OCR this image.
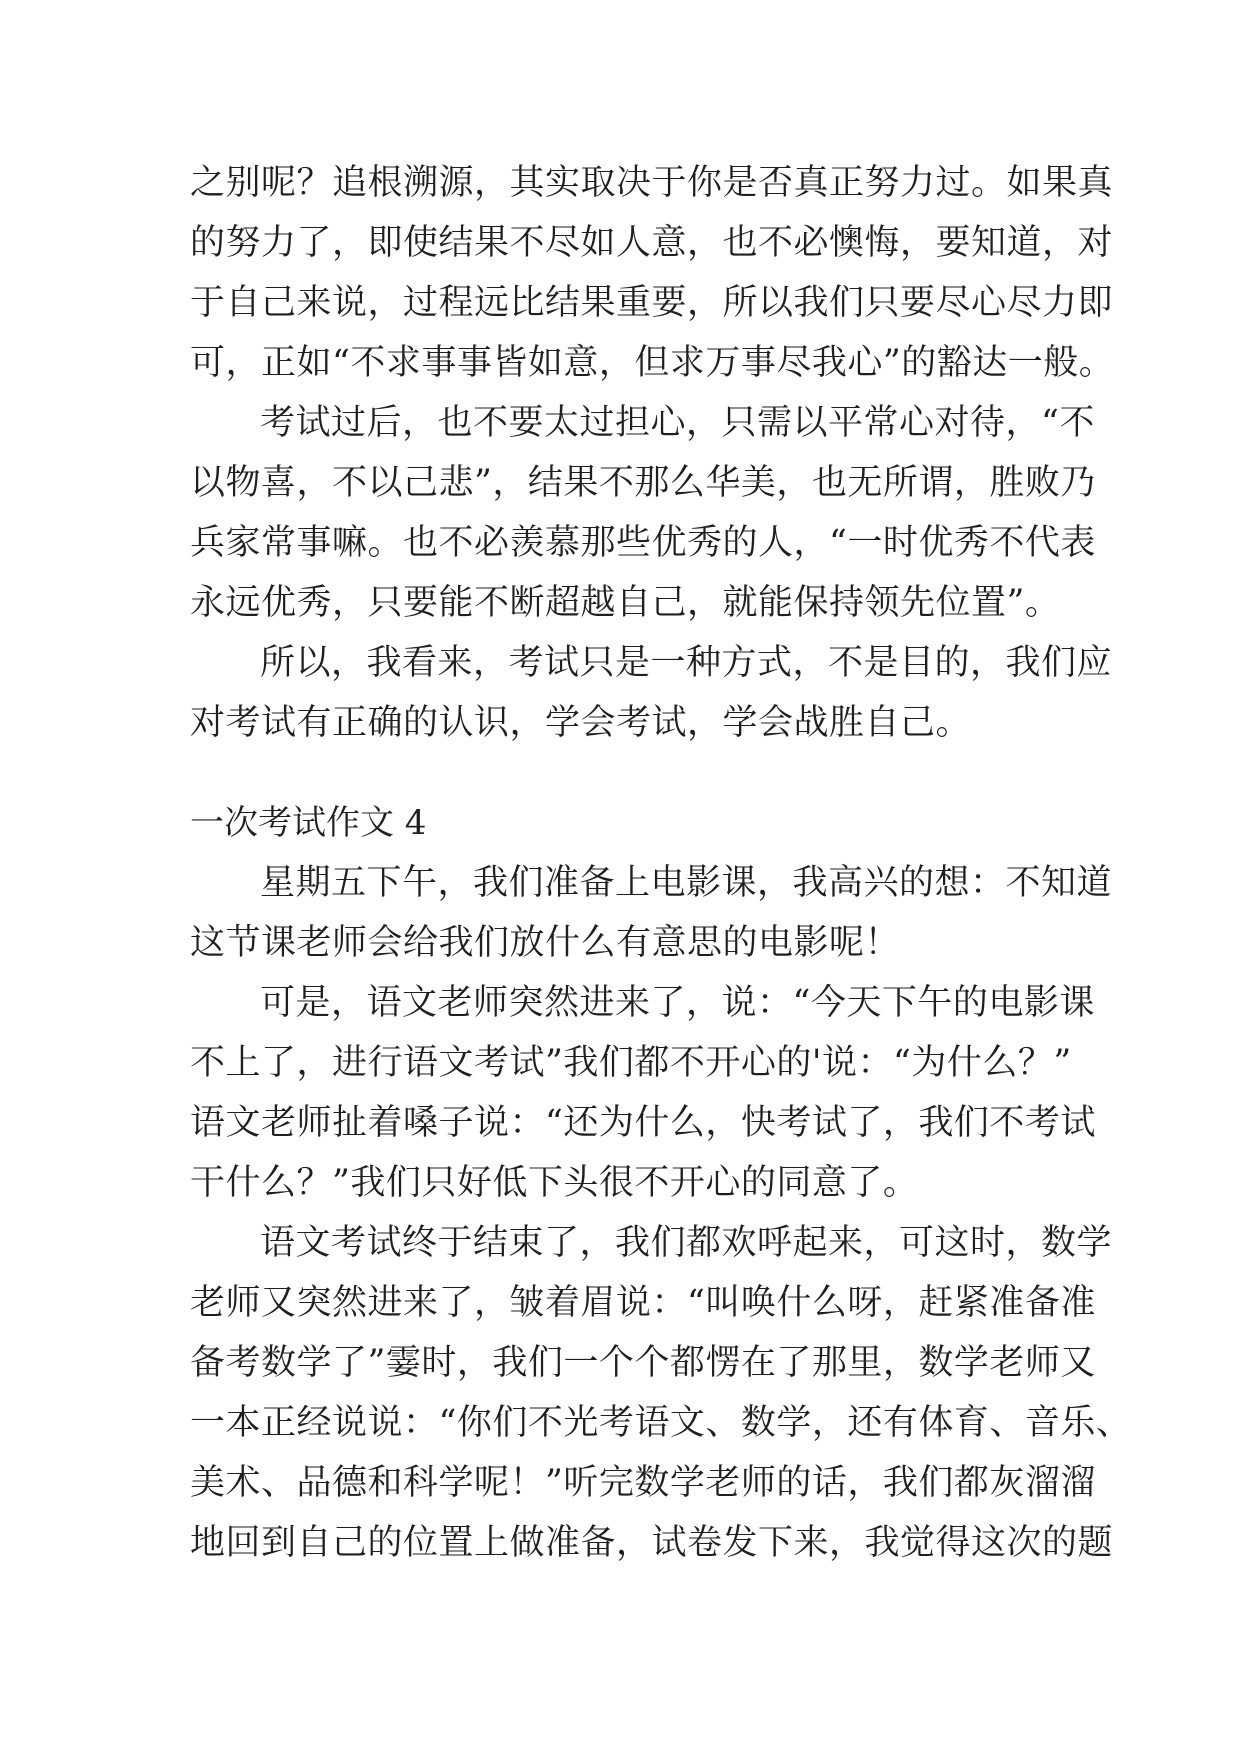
之别呢？追根溯源，其实取决于你是否真正努力过。如果真
的努力了，即使结果不尽如人意，也不必懊悔，要知道，对
于自己来说，过程远比结果重要，所以我们只要尽心尽力即
可，正如“不求事事皆如意，但求万事尽我心”的豁达一般。
考试过后，也不要太过担心，只需以平常心对待，“不
以物喜，不以己悲”，结果不那么华美，也无所谓，胜败乃
兵家常事嘛。也不必羡慕那些优秀的人，“一时优秀不代表
永远优秀，只要能不断超越自己，就能保持领先位置”。
所以，我看来，考试只是一种方式，不是目的，我们应
对考试有正确的认识，学会考试，学会战胜自己。
一次考试作文 4
星期五下午，我们准备上电影课，我高兴的想：不知道
这节课老师会给我们放什么有意思的电影呢！
可是，语文老师突然进来了，说：“今天下午的电影课
不上了，进行语文考试”我们都不开心的'说：“为什么？”
语文老师扯着嗓子说：“还为什么，快考试了，我们不考试
干什么？”我们只好低下头很不开心的同意了。
语文考试终于结束了，我们都欢呼起来，可这时，数学
老师又突然进来了，皱着眉说：“叫唤什么呀，赶紧准备准
备考数学了”霎时，我们一个个都愣在了那里，数学老师又
一本正经说说：“你们不光考语文、数学，还有体育、音乐、
美术、品德和科学呢！”听完数学老师的话，我们都灰溜溜
地回到自己的位置上做准备，试卷发下来，我觉得这次的题
